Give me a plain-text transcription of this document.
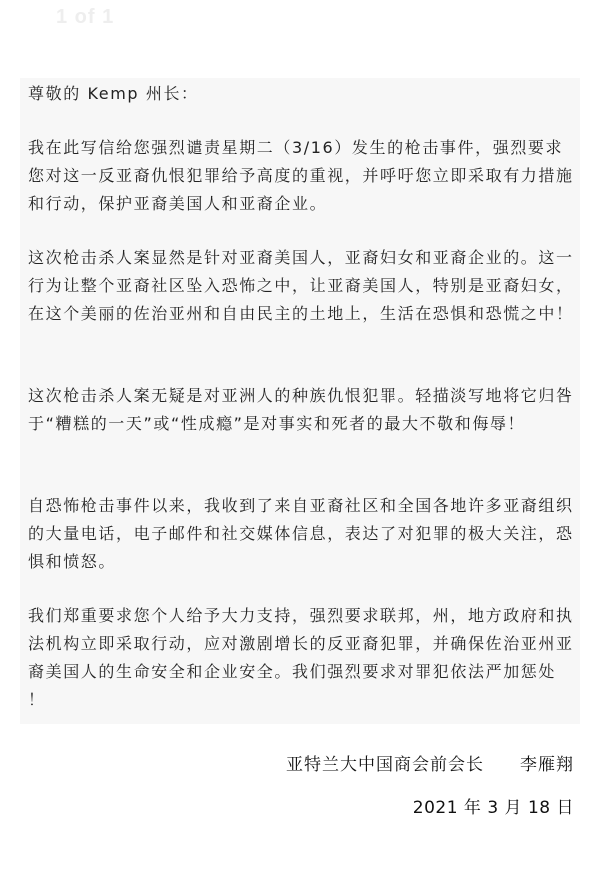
1 of 1

尊敬的 Kemp 州长：

我在此写信给您强烈谴责星期二（3/16）发生的枪击事件，强烈要求您对这一反亚裔仇恨犯罪给予高度的重视，并呼吁您立即采取有力措施和行动，保护亚裔美国人和亚裔企业。

这次枪击杀人案显然是针对亚裔美国人，亚裔妇女和亚裔企业的。这一行为让整个亚裔社区坠入恐怖之中，让亚裔美国人，特别是亚裔妇女，  在这个美丽的佐治亚州和自由民主的土地上，生活在恐惧和恐慌之中！

这次枪击杀人案无疑是对亚洲人的种族仇恨犯罪。轻描淡写地将它归咎于“糟糕的一天”或“性成瘾”是对事实和死者的最大不敬和侮辱！

自恐怖枪击事件以来，我收到了来自亚裔社区和全国各地许多亚裔组织的大量电话，电子邮件和社交媒体信息，表达了对犯罪的极大关注，恐惧和愤怒。

我们郑重要求您个人给予大力支持，强烈要求联邦，州，地方政府和执法机构立即采取行动，应对激剧增长的反亚裔犯罪，并确保佐治亚州亚裔美国人的生命安全和企业安全。我们强烈要求对罪犯依法严加惩处 ！

亚特兰大中国商会前会长 李雁翔
2021 年 3 月 18 日
